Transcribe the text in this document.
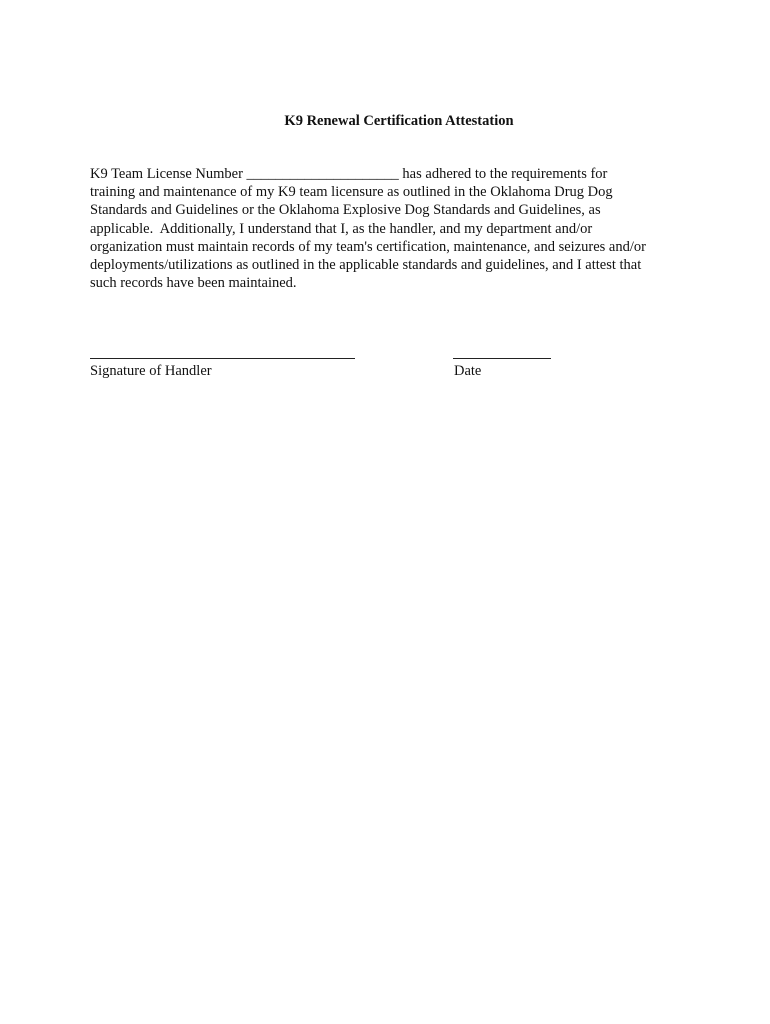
K9 Renewal Certification Attestation

K9 Team License Number _____________________ has adhered to the requirements for
training and maintenance of my K9 team licensure as outlined in the Oklahoma Drug Dog
Standards and Guidelines or the Oklahoma Explosive Dog Standards and Guidelines, as
applicable.  Additionally, I understand that I, as the handler, and my department and/or
organization must maintain records of my team's certification, maintenance, and seizures and/or
deployments/utilizations as outlined in the applicable standards and guidelines, and I attest that
such records have been maintained.

Signature of Handler	Date
